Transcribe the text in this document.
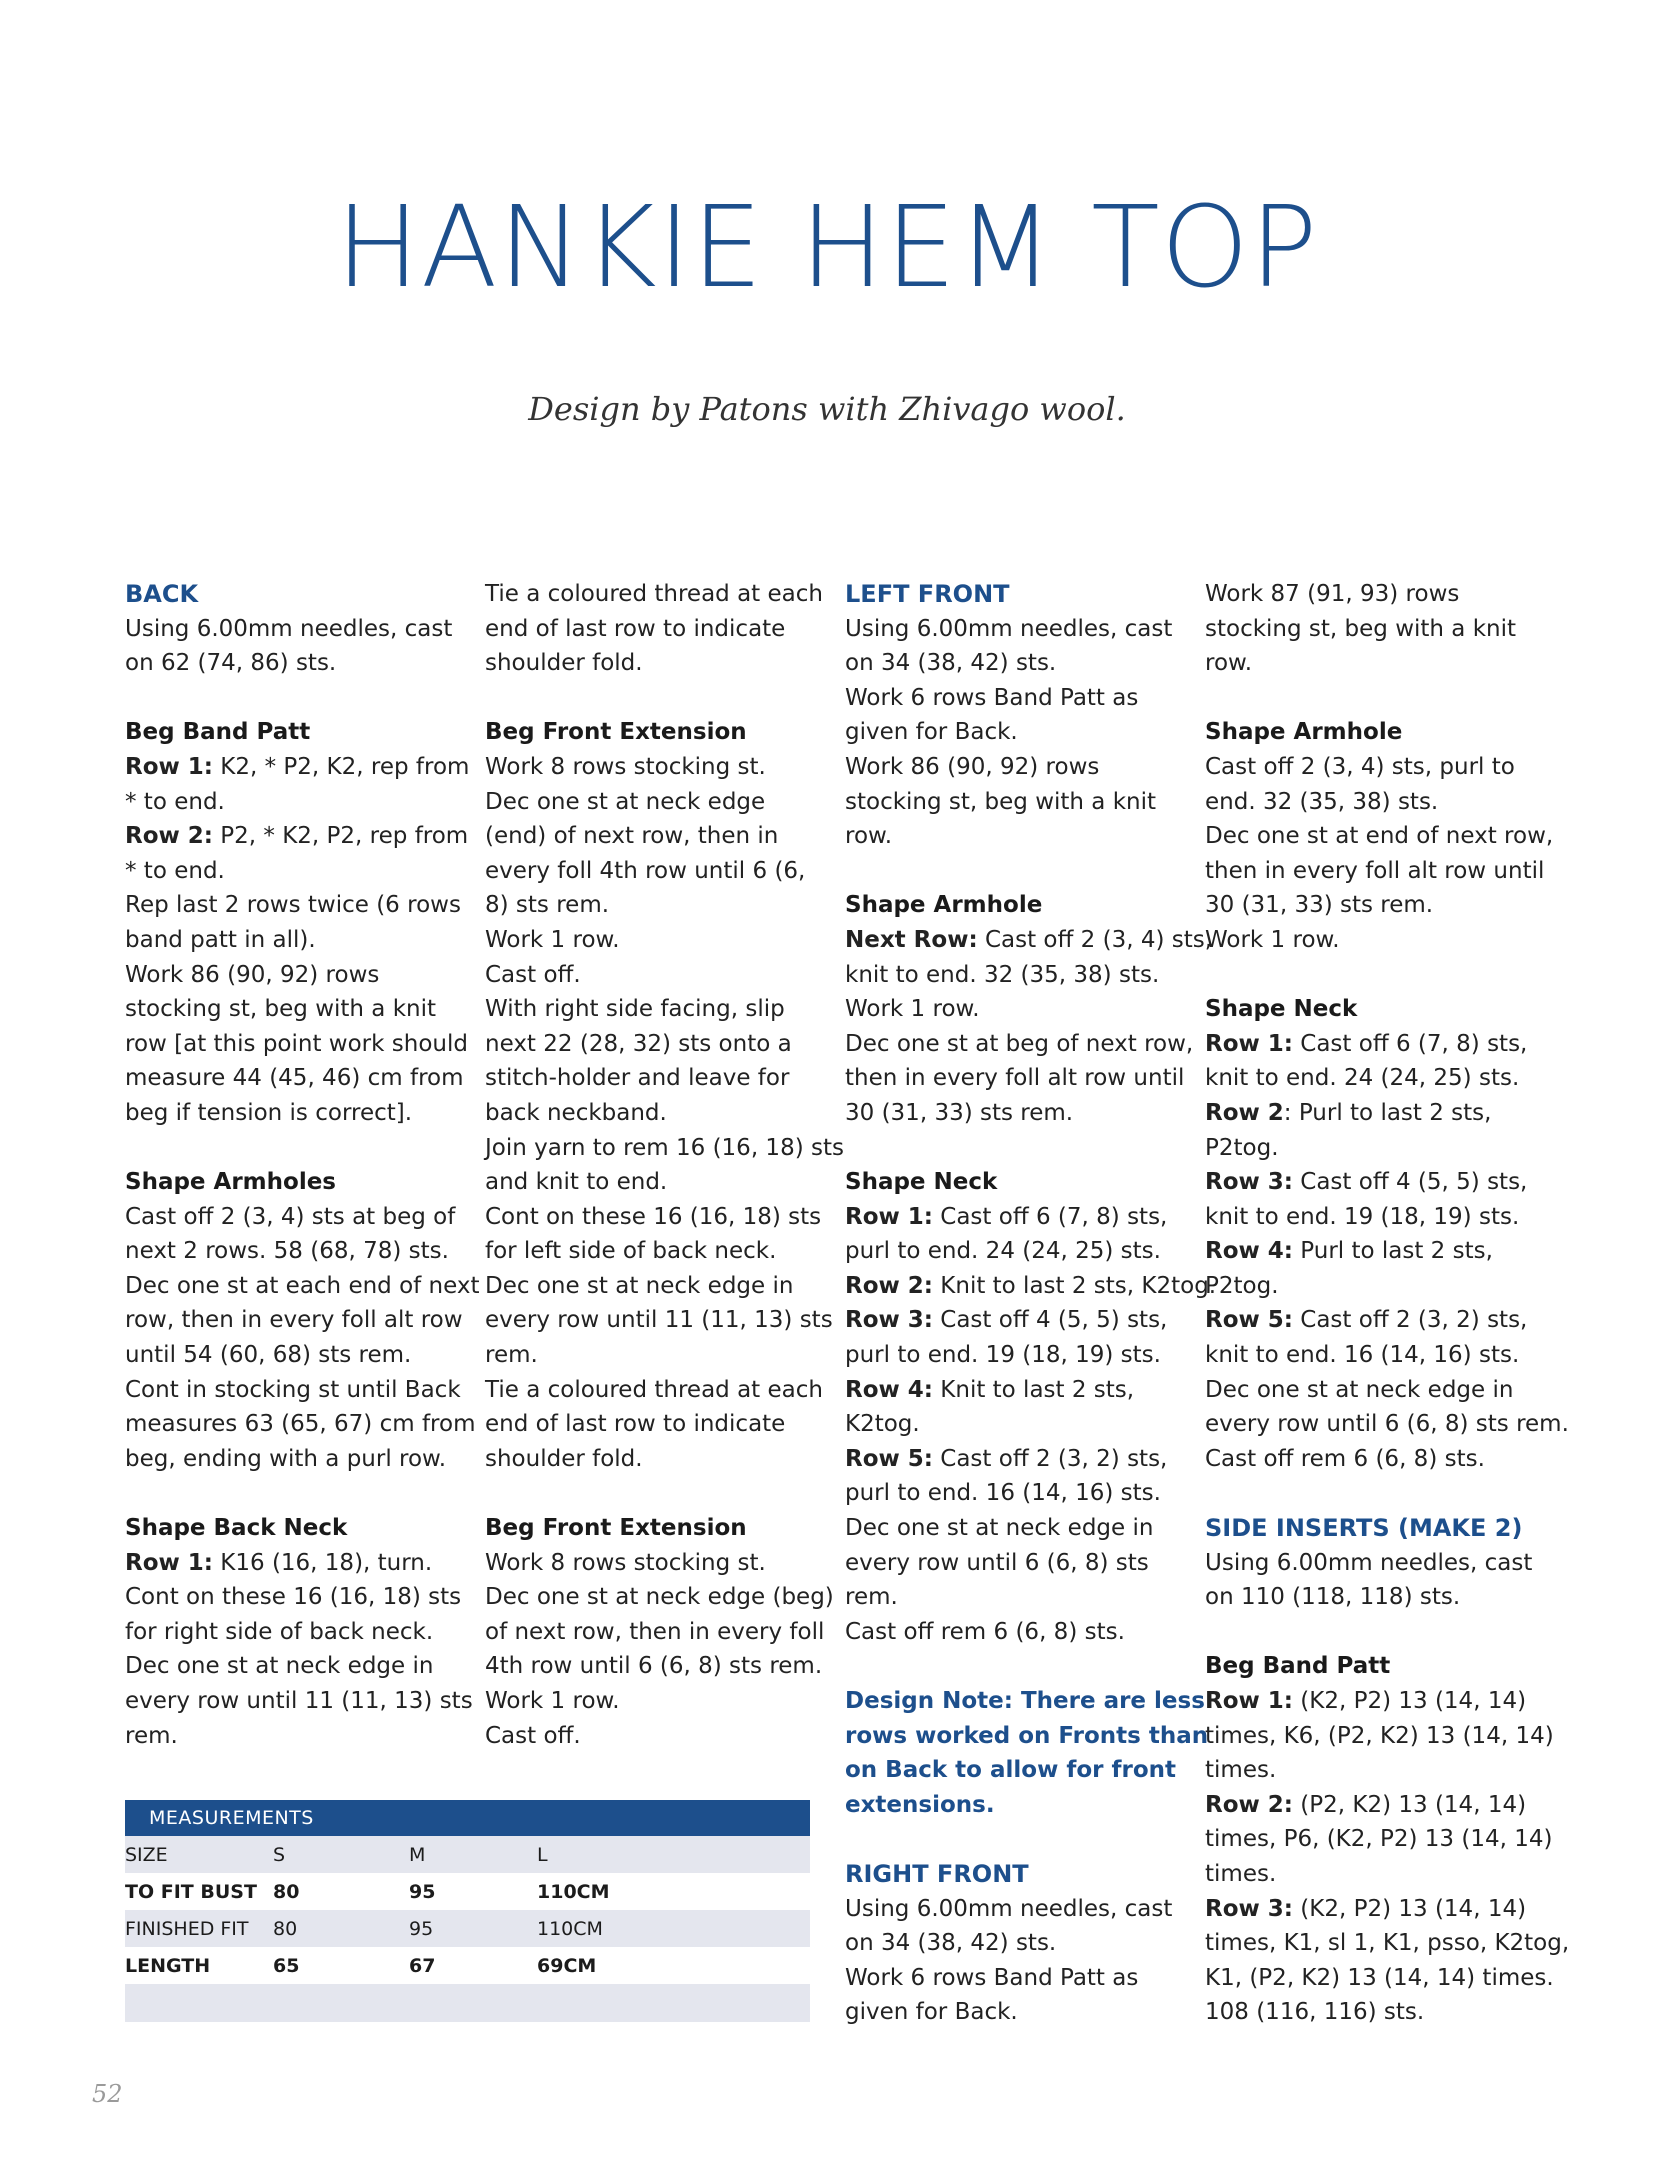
HANKIE HEM TOP
Design by Patons with Zhivago wool.
BACK
Using 6.00mm needles, cast
on 62 (74, 86) sts.
Beg Band Patt
Row 1: K2, * P2, K2, rep from
* to end.
Row 2: P2, * K2, P2, rep from
* to end.
Rep last 2 rows twice (6 rows
band patt in all).
Work 86 (90, 92) rows
stocking st, beg with a knit
row [at this point work should
measure 44 (45, 46) cm from
beg if tension is correct].
Shape Armholes
Cast off 2 (3, 4) sts at beg of
next 2 rows. 58 (68, 78) sts.
Dec one st at each end of next
row, then in every foll alt row
until 54 (60, 68) sts rem.
Cont in stocking st until Back
measures 63 (65, 67) cm from
beg, ending with a purl row.
Shape Back Neck
Row 1: K16 (16, 18), turn.
Cont on these 16 (16, 18) sts
for right side of back neck.
Dec one st at neck edge in
every row until 11 (11, 13) sts
rem.
Tie a coloured thread at each
end of last row to indicate
shoulder fold.
Beg Front Extension
Work 8 rows stocking st.
Dec one st at neck edge
(end) of next row, then in
every foll 4th row until 6 (6,
8) sts rem.
Work 1 row.
Cast off.
With right side facing, slip
next 22 (28, 32) sts onto a
stitch-holder and leave for
back neckband.
Join yarn to rem 16 (16, 18) sts
and knit to end.
Cont on these 16 (16, 18) sts
for left side of back neck.
Dec one st at neck edge in
every row until 11 (11, 13) sts
rem.
Tie a coloured thread at each
end of last row to indicate
shoulder fold.
Beg Front Extension
Work 8 rows stocking st.
Dec one st at neck edge (beg)
of next row, then in every foll
4th row until 6 (6, 8) sts rem.
Work 1 row.
Cast off.
LEFT FRONT
Using 6.00mm needles, cast
on 34 (38, 42) sts.
Work 6 rows Band Patt as
given for Back.
Work 86 (90, 92) rows
stocking st, beg with a knit
row.
Shape Armhole
Next Row: Cast off 2 (3, 4) sts,
knit to end. 32 (35, 38) sts.
Work 1 row.
Dec one st at beg of next row,
then in every foll alt row until
30 (31, 33) sts rem.
Shape Neck
Row 1: Cast off 6 (7, 8) sts,
purl to end. 24 (24, 25) sts.
Row 2: Knit to last 2 sts, K2tog.
Row 3: Cast off 4 (5, 5) sts,
purl to end. 19 (18, 19) sts.
Row 4: Knit to last 2 sts,
K2tog.
Row 5: Cast off 2 (3, 2) sts,
purl to end. 16 (14, 16) sts.
Dec one st at neck edge in
every row until 6 (6, 8) sts
rem.
Cast off rem 6 (6, 8) sts.
Design Note: There are less
rows worked on Fronts than
on Back to allow for front
extensions.
RIGHT FRONT
Using 6.00mm needles, cast
on 34 (38, 42) sts.
Work 6 rows Band Patt as
given for Back.
Work 87 (91, 93) rows
stocking st, beg with a knit
row.
Shape Armhole
Cast off 2 (3, 4) sts, purl to
end. 32 (35, 38) sts.
Dec one st at end of next row,
then in every foll alt row until
30 (31, 33) sts rem.
Work 1 row.
Shape Neck
Row 1: Cast off 6 (7, 8) sts,
knit to end. 24 (24, 25) sts.
Row 2: Purl to last 2 sts,
P2tog.
Row 3: Cast off 4 (5, 5) sts,
knit to end. 19 (18, 19) sts.
Row 4: Purl to last 2 sts,
P2tog.
Row 5: Cast off 2 (3, 2) sts,
knit to end. 16 (14, 16) sts.
Dec one st at neck edge in
every row until 6 (6, 8) sts rem.
Cast off rem 6 (6, 8) sts.
SIDE INSERTS (MAKE 2)
Using 6.00mm needles, cast
on 110 (118, 118) sts.
Beg Band Patt
Row 1: (K2, P2) 13 (14, 14)
times, K6, (P2, K2) 13 (14, 14)
times.
Row 2: (P2, K2) 13 (14, 14)
times, P6, (K2, P2) 13 (14, 14)
times.
Row 3: (K2, P2) 13 (14, 14)
times, K1, sl 1, K1, psso, K2tog,
K1, (P2, K2) 13 (14, 14) times.
108 (116, 116) sts.
MEASUREMENTS			
SIZE	S	M	L
TO FIT BUST	80	95	110CM
FINISHED FIT	80	95	110CM
LENGTH	65	67	69CM

52
